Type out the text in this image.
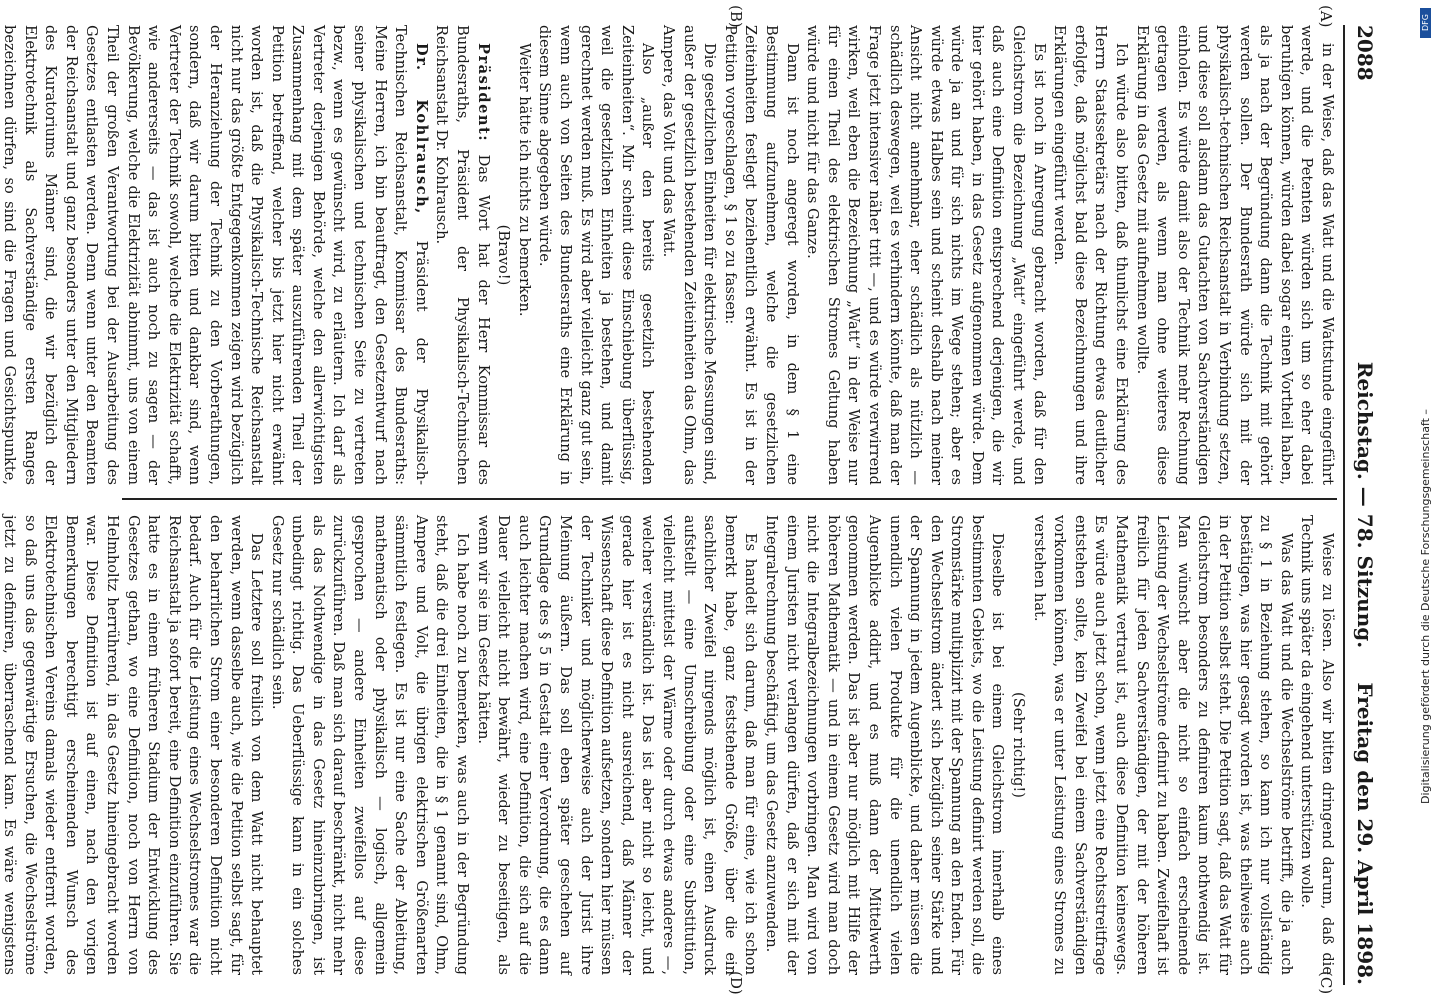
2088
Reichstag. — 78. Sitzung.
Freitag den 29. April 1898.
(A)
(B)
(C)
(D)

in der Weise, daß das Watt und die Wattstunde eingeführt werde, und die Petenten würden sich um so eher dabei beruhigen können, würden dabei sogar einen Vortheil haben, als ja nach der Begründung dann die Technik mit gehört werden sollen. Der Bundesrath würde sich mit der physikalisch-technischen Reichsanstalt in Verbindung setzen, und diese soll alsdann das Gutachten von Sachverständigen einholen. Es würde damit also der Technik mehr Rechnung getragen werden, als wenn man ohne weiteres diese Erklärung in das Gesetz mit aufnehmen wollte.

Ich würde also bitten, daß thunlichst eine Erklärung des Herrn Staatssekretärs nach der Richtung etwas deutlicher erfolgte, daß möglichst bald diese Bezeichnungen und ihre Erklärungen eingeführt werden.

Es ist noch in Anregung gebracht worden, daß für den Gleichstrom die Bezeichnung „Watt“ eingeführt werde, und daß auch eine Definition entsprechend derjenigen, die wir hier gehört haben, in das Gesetz aufgenommen würde. Dem würde ja an und für sich nichts im Wege stehen; aber es würde etwas Halbes sein und scheint deshalb nach meiner Ansicht nicht annehmbar, eher schädlich als nützlich — schädlich deswegen, weil es verhindern könnte, daß man der Frage jetzt intensiver näher tritt —, und es würde verwirrend wirken, weil eben die Bezeichnung „Watt“ in der Weise nur für einen Theil des elektrischen Stromes Geltung haben würde und nicht für das Ganze.

Dann ist noch angeregt worden, in dem § 1 eine Bestimmung aufzunehmen, welche die gesetzlichen Zeiteinheiten festlegt beziehentlich erwähnt. Es ist in der Petition vorgeschlagen, § 1 so zu fassen:

Die gesetzlichen Einheiten für elektrische Messungen sind, außer der gesetzlich bestehenden Zeiteinheiten das Ohm, das Ampere, das Volt und das Watt.

Also „außer den bereits gesetzlich bestehenden Zeiteinheiten“. Mir scheint diese Einschiebung überflüssig, weil die gesetzlichen Einheiten ja bestehen, und damit gerechnet werden muß. Es wird aber vielleicht ganz gut sein, wenn auch von Seiten des Bundesraths eine Erklärung in diesem Sinne abgegeben würde.

Weiter hätte ich nichts zu bemerken.

(Bravo!)

Präsident: Das Wort hat der Herr Kommissar des Bundesraths, Präsident der Physikalisch-Technischen Reichsanstalt Dr. Kohlrausch.

Dr. Kohlrausch, Präsident der Physikalisch-Technischen Reichsanstalt, Kommissar des Bundesraths: Meine Herren, ich bin beauftragt, den Gesetzentwurf nach seiner physikalischen und technischen Seite zu vertreten bezw., wenn es gewünscht wird, zu erläutern. Ich darf als Vertreter derjenigen Behörde, welche den allerwichtigsten Zusammenhang mit dem später auszuführenden Theil der Petition betreffend, welcher bis jetzt hier nicht erwähnt worden ist, daß die Physikalisch-Technische Reichsanstalt nicht nur das größte Entgegenkommen zeigen wird bezüglich der Heranziehung der Technik zu den Vorberathungen, sondern, daß wir darum bitten und dankbar sind, wenn Vertreter der Technik sowohl, welche die Elektrizität schafft, wie andererseits — das ist auch noch zu sagen — der Bevölkerung, welche die Elektrizität abnimmt, uns von einem Theil der großen Verantwortung bei der Ausarbeitung des Gesetzes entlasten werden. Denn wenn unter den Beamten der Reichsanstalt und ganz besonders unter den Mitgliedern des Kuratoriums Männer sind, die wir bezüglich der Elektrotechnik als Sachverständige ersten Ranges bezeichnen dürfen, so sind die Fragen und Gesichtspunkte,

Weise zu lösen. Also wir bitten dringend darum, daß die Technik uns später da eingehend unterstützen wolle.

Was das Watt und die Wechselströme betrifft, die ja auch zu § 1 in Beziehung stehen, so kann ich nur vollständig bestätigen, was hier gesagt worden ist, was theilweise auch in der Petition selbst steht. Die Petition sagt, daß das Watt für Gleichstrom besonders zu definiren kaum nothwendig ist. Man wünscht aber die nicht so einfach erscheinende Leistung der Wechselströme definirt zu haben. Zweifelhaft ist freilich für jeden Sachverständigen, der mit der höheren Mathematik vertraut ist, auch diese Definition keineswegs. Es würde auch jetzt schon, wenn jetzt eine Rechtsstreitfrage entstehen sollte, kein Zweifel bei einem Sachverständigen vorkommen können, was er unter Leistung eines Stromes zu verstehen hat.

(Sehr richtig!)

Dieselbe ist bei einem Gleichstrom innerhalb eines bestimmten Gebiets, wo die Leistung definirt werden soll, die Stromstärke multiplizirt mit der Spannung an den Enden. Für den Wechselstrom ändert sich bezüglich seiner Stärke und der Spannung in jedem Augenblicke, und daher müssen die unendlich vielen Produkte für die unendlich vielen Augenblicke addirt, und es muß dann der Mittelwerth genommen werden. Das ist aber nur möglich mit Hilfe der höheren Mathematik — und in einem Gesetz wird man doch nicht die Integralbezeichnungen vorbringen. Man wird von einem Juristen nicht verlangen dürfen, daß er sich mit der Integralrechnung beschäftigt, um das Gesetz anzuwenden.

Es handelt sich darum, daß man für eine, wie ich schon bemerkt habe, ganz feststehende Größe, über die ein sachlicher Zweifel nirgends möglich ist, einen Ausdruck aufstellt — eine Umschreibung oder eine Substitution, vielleicht mittelst der Wärme oder durch etwas anderes —, welcher verständlich ist. Das ist aber nicht so leicht, und gerade hier ist es nicht ausreichend, daß Männer der Wissenschaft diese Definition aufsetzen, sondern hier müssen der Techniker und möglicherweise auch der Jurist ihre Meinung äußern. Das soll eben später geschehen auf Grundlage des § 5 in Gestalt einer Verordnung, die es dann auch leichter machen wird, eine Definition, die sich auf die Dauer vielleicht nicht bewährt, wieder zu beseitigen, als wenn wir sie im Gesetz hätten.

Ich habe noch zu bemerken, was auch in der Begründung steht, daß die drei Einheiten, die in § 1 genannt sind, Ohm, Ampere und Volt, die übrigen elektrischen Größenarten sämmtlich festlegen. Es ist nur eine Sache der Ableitung, mathematisch oder physikalisch — logisch, allgemein gesprochen — andere Einheiten zweifellos auf diese zurückzuführen. Daß man sich darauf beschränkt, nicht mehr als das Nothwendige in das Gesetz hineinzubringen, ist unbedingt richtig. Das Ueberflüssige kann in ein solches Gesetz nur schädlich sein.

Das Letztere soll freilich von dem Watt nicht behauptet werden, wenn dasselbe auch, wie die Petition selbst sagt, für den beharrlichen Strom einer besonderen Definition nicht bedarf. Auch für die Leistung eines Wechselstromes war die Reichsanstalt ja sofort bereit, eine Definition einzuführen. Sie hatte es in einem früheren Stadium der Entwicklung des Gesetzes gethan, wo eine Definition, noch von Herrn von Helmholtz herrührend, in das Gesetz hineingebracht worden war. Diese Definition ist auf einen, nach den vorigen Bemerkungen berechtigt erscheinenden Wunsch des Elektrotechnischen Vereins damals wieder entfernt worden, so daß uns das gegenwärtige Ersuchen, die Wechselströme jetzt zu definiren, überraschend kam. Es wäre wenigstens

DFG
Digitalisierung gefördert durch die Deutsche Forschungsgemeinschaft –
